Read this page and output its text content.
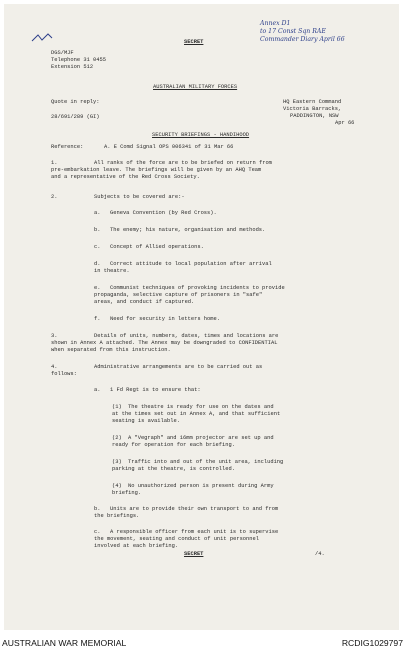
Annex D1
to 17 Const Sqn RAE
Commander Diary April 66
SECRET
DGS/MJF
Telephone 31 0455
Extension 512
AUSTRALIAN MILITARY FORCES
Quote in reply:
28/691/289 (GI)
HQ Eastern Command
Victoria Barracks,
PADDINGTON, NSW
Apr 66
SECURITY BRIEFINGS - HANDIHOOD
Reference:	A. E Comd Signal OPS 006341 of 31 Mar 66
1.	All ranks of the force are to be briefed on return from
pre-embarkation leave. The briefings will be given by an AHQ Team
and a representative of the Red Cross Society.
2.	Subjects to be covered are:-
a. Geneva Convention (by Red Cross).
b. The enemy; his nature, organisation and methods.
c. Concept of Allied operations.
d. Correct attitude to local population after arrival
in theatre.
e. Communist techniques of provoking incidents to provide
propaganda, selective capture of prisoners in "safe"
areas, and conduct if captured.
f. Need for security in letters home.
3.	Details of units, numbers, dates, times and locations are
shown in Annex A attached. The Annex may be downgraded to CONFIDENTIAL
when separated from this instruction.
4.	Administrative arrangements are to be carried out as
follows:
a. 1 Fd Regt is to ensure that:
(1) The theatre is ready for use on the dates and
at the times set out in Annex A, and that sufficient
seating is available.
(2) A "Vegraph" and 16mm projector are set up and
ready for operation for each briefing.
(3) Traffic into and out of the unit area, including
parking at the theatre, is controlled.
(4) No unauthorized person is present during Army
briefing.
b. Units are to provide their own transport to and from
the briefings.
c. A responsible officer from each unit is to supervise
the movement, seating and conduct of unit personnel
involved at each briefing.
SECRET	/4.
AUSTRALIAN WAR MEMORIAL	RCDIG1029797
